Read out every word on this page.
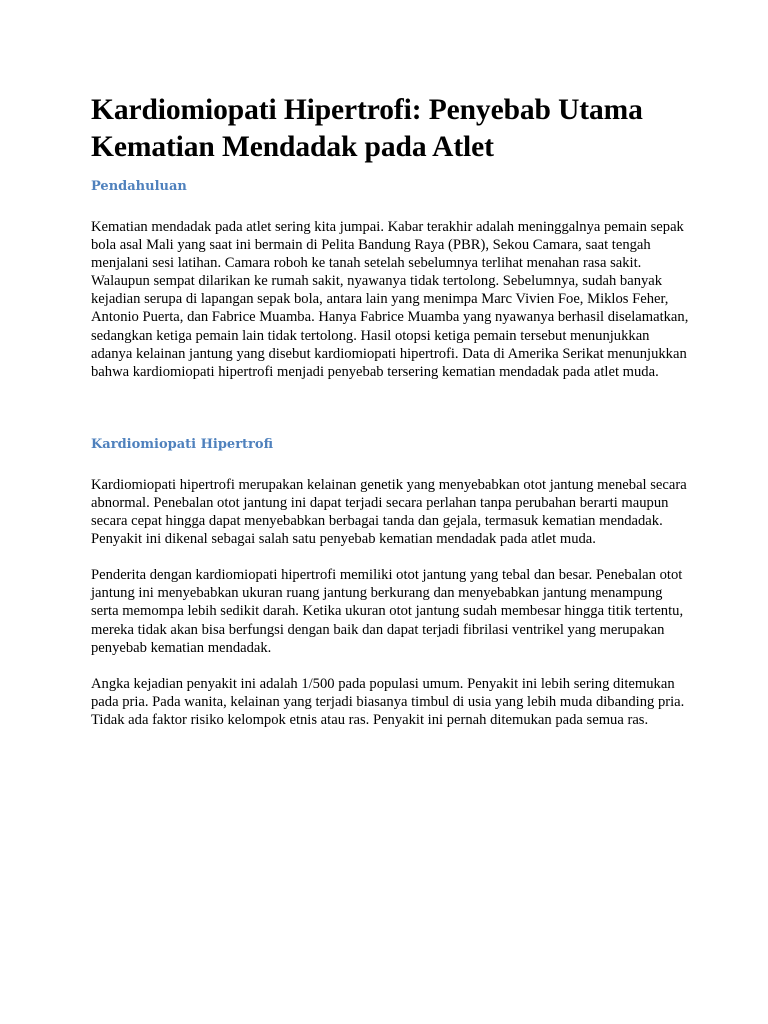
Kardiomiopati Hipertrofi: Penyebab Utama Kematian Mendadak pada Atlet
Pendahuluan

Kematian mendadak pada atlet sering kita jumpai. Kabar terakhir adalah meninggalnya pemain sepak bola asal Mali yang saat ini bermain di Pelita Bandung Raya (PBR), Sekou Camara, saat tengah menjalani sesi latihan. Camara roboh ke tanah setelah sebelumnya terlihat menahan rasa sakit. Walaupun sempat dilarikan ke rumah sakit, nyawanya tidak tertolong. Sebelumnya, sudah banyak kejadian serupa di lapangan sepak bola, antara lain yang menimpa Marc Vivien Foe, Miklos Feher, Antonio Puerta, dan Fabrice Muamba. Hanya Fabrice Muamba yang nyawanya berhasil diselamatkan, sedangkan ketiga pemain lain tidak tertolong. Hasil otopsi ketiga pemain tersebut menunjukkan adanya kelainan jantung yang disebut kardiomiopati hipertrofi. Data di Amerika Serikat menunjukkan bahwa kardiomiopati hipertrofi menjadi penyebab tersering kematian mendadak pada atlet muda.

Kardiomiopati Hipertrofi

Kardiomiopati hipertrofi merupakan kelainan genetik yang menyebabkan otot jantung menebal secara abnormal. Penebalan otot jantung ini dapat terjadi secara perlahan tanpa perubahan berarti maupun secara cepat hingga dapat menyebabkan berbagai tanda dan gejala, termasuk kematian mendadak. Penyakit ini dikenal sebagai salah satu penyebab kematian mendadak pada atlet muda.

Penderita dengan kardiomiopati hipertrofi memiliki otot jantung yang tebal dan besar. Penebalan otot jantung ini menyebabkan ukuran ruang jantung berkurang dan menyebabkan jantung menampung serta memompa lebih sedikit darah. Ketika ukuran otot jantung sudah membesar hingga titik tertentu, mereka tidak akan bisa berfungsi dengan baik dan dapat terjadi fibrilasi ventrikel yang merupakan penyebab kematian mendadak.

Angka kejadian penyakit ini adalah 1/500 pada populasi umum. Penyakit ini lebih sering ditemukan pada pria. Pada wanita, kelainan yang terjadi biasanya timbul di usia yang lebih muda dibanding pria. Tidak ada faktor risiko kelompok etnis atau ras. Penyakit ini pernah ditemukan pada semua ras.
